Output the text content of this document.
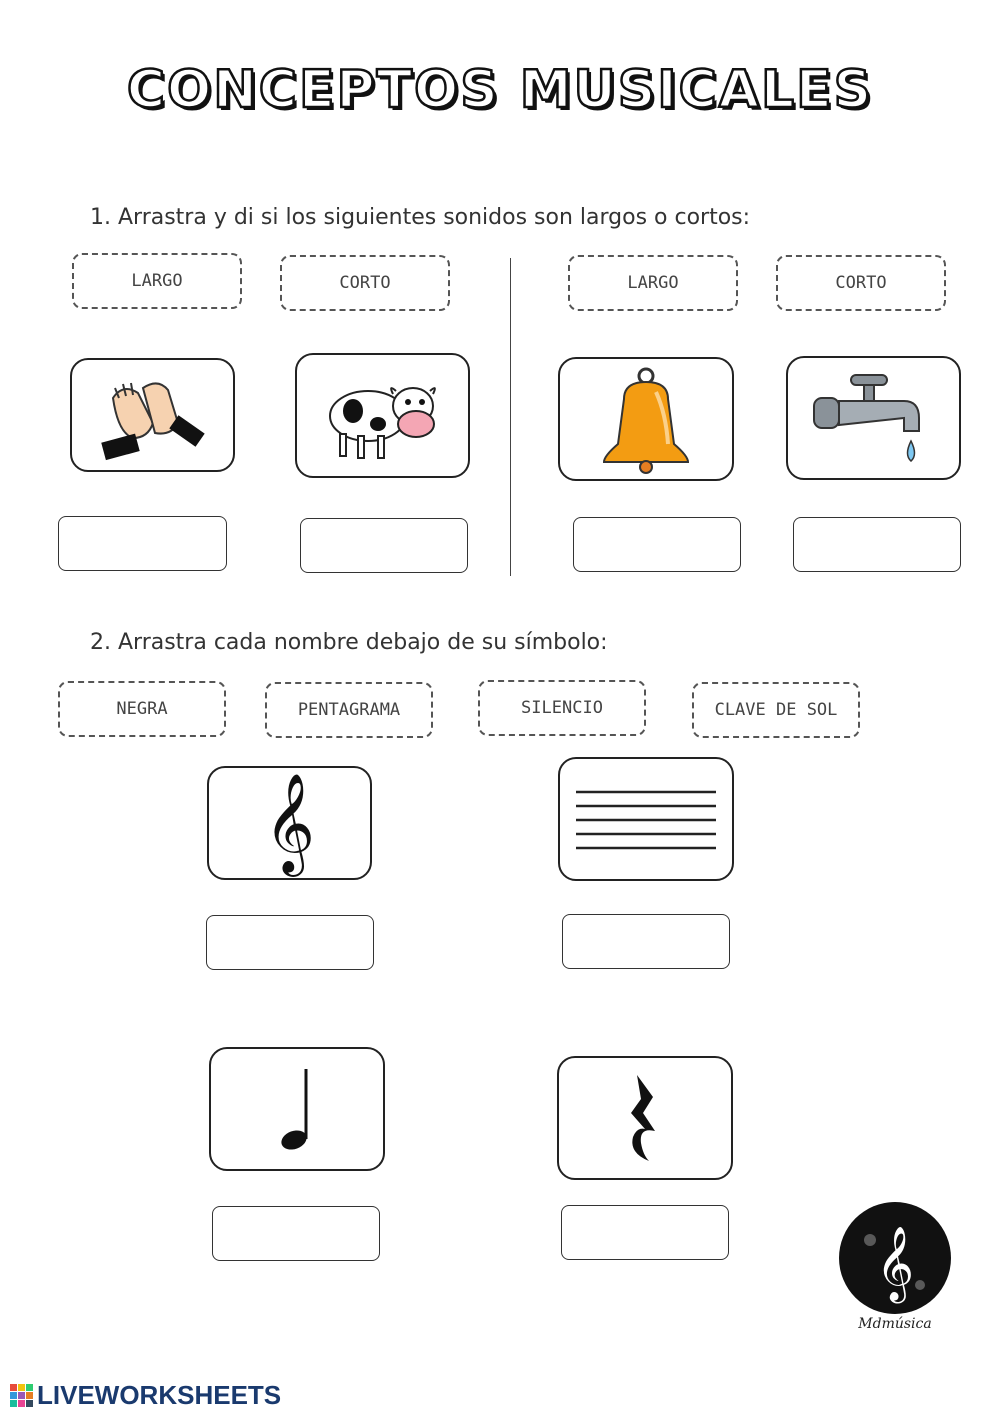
CONCEPTOS MUSICALES
1. Arrastra y di si los siguientes sonidos son largos o cortos:
LARGO	CORTO	LARGO	CORTO
2. Arrastra cada nombre debajo de su símbolo:
NEGRA	PENTAGRAMA	SILENCIO	CLAVE DE SOL
𝄞
𝄞
Mdmúsica
LIVEWORKSHEETS
